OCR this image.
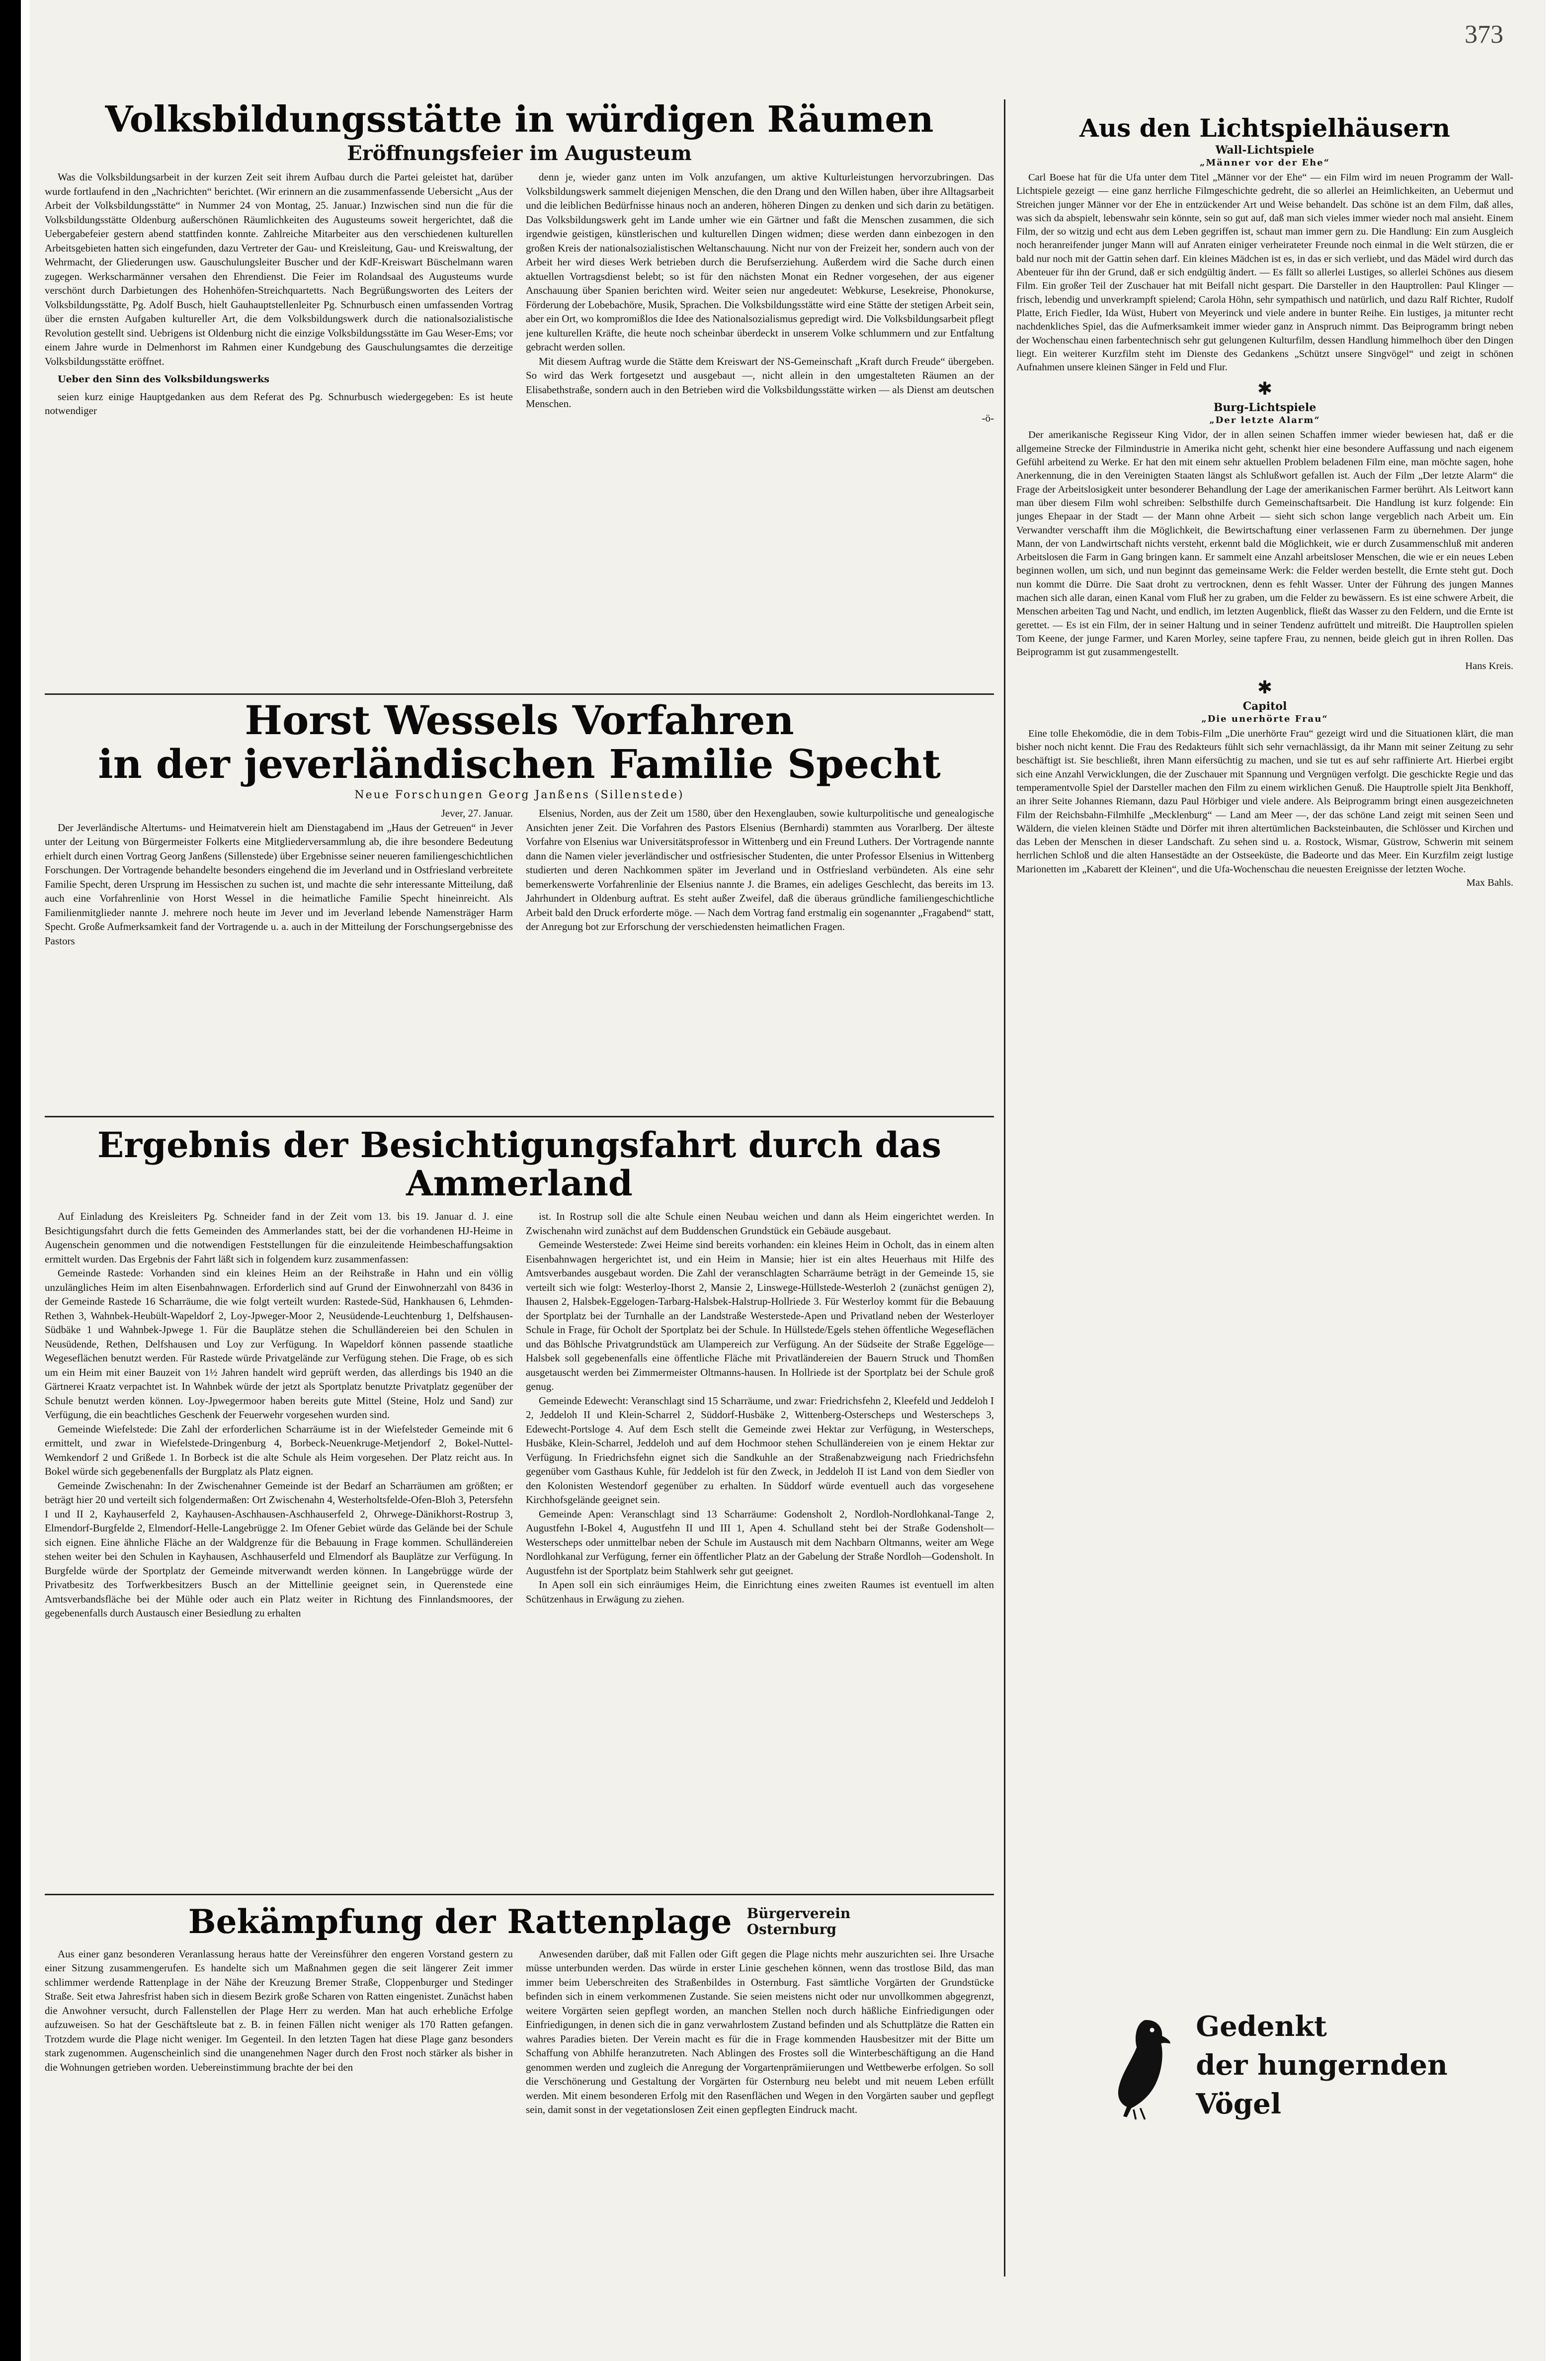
373
Volksbildungsstätte in würdigen Räumen
Eröffnungsfeier im Augusteum

Was die Volksbildungsarbeit in der kurzen Zeit seit ihrem Aufbau durch die Partei geleistet hat, darüber wurde fortlaufend in den „Nachrichten“ berichtet. (Wir erinnern an die zusammenfassende Uebersicht „Aus der Arbeit der Volksbildungsstätte“ in Nummer 24 von Montag, 25. Januar.) Inzwischen sind nun die für die Volksbildungsstätte Oldenburg außerschönen Räumlichkeiten des Augusteums soweit hergerichtet, daß die Uebergabefeier gestern abend stattfinden konnte. Zahlreiche Mitarbeiter aus den verschiedenen kulturellen Arbeitsgebieten hatten sich eingefunden, dazu Vertreter der Gau- und Kreisleitung, Gau- und Kreiswaltung, der Wehrmacht, der Gliederungen usw. Gauschulungsleiter Buscher und der KdF-Kreiswart Büschelmann waren zugegen. Werkscharmänner versahen den Ehrendienst. Die Feier im Rolandsaal des Augusteums wurde verschönt durch Darbietungen des Hohenhöfen-Streichquartetts. Nach Begrüßungsworten des Leiters der Volksbildungsstätte, Pg. Adolf Busch, hielt Gauhauptstellenleiter Pg. Schnurbusch einen umfassenden Vortrag über die ernsten Aufgaben kultureller Art, die dem Volksbildungswerk durch die nationalsozialistische Revolution gestellt sind. Uebrigens ist Oldenburg nicht die einzige Volksbildungsstätte im Gau Weser-Ems; vor einem Jahre wurde in Delmenhorst im Rahmen einer Kundgebung des Gauschulungsamtes die derzeitige Volksbildungsstätte eröffnet.

Ueber den Sinn des Volksbildungswerks

seien kurz einige Hauptgedanken aus dem Referat des Pg. Schnurbusch wiedergegeben: Es ist heute notwendiger

denn je, wieder ganz unten im Volk anzufangen, um aktive Kulturleistungen hervorzubringen. Das Volksbildungswerk sammelt diejenigen Menschen, die den Drang und den Willen haben, über ihre Alltagsarbeit und die leiblichen Bedürfnisse hinaus noch an anderen, höheren Dingen zu denken und sich darin zu betätigen. Das Volksbildungswerk geht im Lande umher wie ein Gärtner und faßt die Menschen zusammen, die sich irgendwie geistigen, künstlerischen und kulturellen Dingen widmen; diese werden dann einbezogen in den großen Kreis der nationalsozialistischen Weltanschauung. Nicht nur von der Freizeit her, sondern auch von der Arbeit her wird dieses Werk betrieben durch die Berufserziehung. Außerdem wird die Sache durch einen aktuellen Vortragsdienst belebt; so ist für den nächsten Monat ein Redner vorgesehen, der aus eigener Anschauung über Spanien berichten wird. Weiter seien nur angedeutet: Webkurse, Lesekreise, Phonokurse, Förderung der Lobebachöre, Musik, Sprachen. Die Volksbildungsstätte wird eine Stätte der stetigen Arbeit sein, aber ein Ort, wo kompromißlos die Idee des Nationalsozialismus gepredigt wird. Die Volksbildungsarbeit pflegt jene kulturellen Kräfte, die heute noch scheinbar überdeckt in unserem Volke schlummern und zur Entfaltung gebracht werden sollen.

Mit diesem Auftrag wurde die Stätte dem Kreiswart der NS-Gemeinschaft „Kraft durch Freude“ übergeben. So wird das Werk fortgesetzt und ausgebaut —, nicht allein in den umgestalteten Räumen an der Elisabethstraße, sondern auch in den Betrieben wird die Volksbildungsstätte wirken — als Dienst am deutschen Menschen.

-ö-

Horst Wessels Vorfahren
in der jeverländischen Familie Specht
Neue Forschungen Georg Janßens (Sillenstede)

Jever, 27. Januar.

Der Jeverländische Altertums- und Heimatverein hielt am Dienstagabend im „Haus der Getreuen“ in Jever unter der Leitung von Bürgermeister Folkerts eine Mitgliederversammlung ab, die ihre besondere Bedeutung erhielt durch einen Vortrag Georg Janßens (Sillenstede) über Ergebnisse seiner neueren familiengeschichtlichen Forschungen. Der Vortragende behandelte besonders eingehend die im Jeverland und in Ostfriesland verbreitete Familie Specht, deren Ursprung im Hessischen zu suchen ist, und machte die sehr interessante Mitteilung, daß auch eine Vorfahrenlinie von Horst Wessel in die heimatliche Familie Specht hineinreicht. Als Familienmitglieder nannte J. mehrere noch heute im Jever und im Jeverland lebende Namensträger Harm Specht. Große Aufmerksamkeit fand der Vortragende u. a. auch in der Mitteilung der Forschungsergebnisse des Pastors

Elsenius, Norden, aus der Zeit um 1580, über den Hexenglauben, sowie kulturpolitische und genealogische Ansichten jener Zeit. Die Vorfahren des Pastors Elsenius (Bernhardi) stammten aus Vorarlberg. Der älteste Vorfahre von Elsenius war Universitätsprofessor in Wittenberg und ein Freund Luthers. Der Vortragende nannte dann die Namen vieler jeverländischer und ostfriesischer Studenten, die unter Professor Elsenius in Wittenberg studierten und deren Nachkommen später im Jeverland und in Ostfriesland verbündeten. Als eine sehr bemerkenswerte Vorfahrenlinie der Elsenius nannte J. die Brames, ein adeliges Geschlecht, das bereits im 13. Jahrhundert in Oldenburg auftrat. Es steht außer Zweifel, daß die überaus gründliche familiengeschichtliche Arbeit bald den Druck erforderte möge. — Nach dem Vortrag fand erstmalig ein sogenannter „Fragabend“ statt, der Anregung bot zur Erforschung der verschiedensten heimatlichen Fragen.

Ergebnis der Besichtigungsfahrt durch das Ammerland

Auf Einladung des Kreisleiters Pg. Schneider fand in der Zeit vom 13. bis 19. Januar d. J. eine Besichtigungsfahrt durch die fetts Gemeinden des Ammerlandes statt, bei der die vorhandenen HJ-Heime in Augenschein genommen und die notwendigen Feststellungen für die einzuleitende Heimbeschaffungsaktion ermittelt wurden. Das Ergebnis der Fahrt läßt sich in folgendem kurz zusammenfassen:

Gemeinde Rastede: Vorhanden sind ein kleines Heim an der Reihstraße in Hahn und ein völlig unzulängliches Heim im alten Eisenbahnwagen. Erforderlich sind auf Grund der Einwohnerzahl von 8436 in der Gemeinde Rastede 16 Scharräume, die wie folgt verteilt wurden: Rastede-Süd, Hankhausen 6, Lehmden-Rethen 3, Wahnbek-Heubült-Wapeldorf 2, Loy-Jpweger-Moor 2, Neusüdende-Leuchtenburg 1, Delfshausen-Südbäke 1 und Wahnbek-Jpwege 1. Für die Bauplätze stehen die Schulländereien bei den Schulen in Neusüdende, Rethen, Delfshausen und Loy zur Verfügung. In Wapeldorf können passende staatliche Wegeseflächen benutzt werden. Für Rastede würde Privatgelände zur Verfügung stehen. Die Frage, ob es sich um ein Heim mit einer Bauzeit von 1½ Jahren handelt wird geprüft werden, das allerdings bis 1940 an die Gärtnerei Kraatz verpachtet ist. In Wahnbek würde der jetzt als Sportplatz benutzte Privatplatz gegenüber der Schule benutzt werden können. Loy-Jpwegermoor haben bereits gute Mittel (Steine, Holz und Sand) zur Verfügung, die ein beachtliches Geschenk der Feuerwehr vorgesehen wurden sind.

Gemeinde Wiefelstede: Die Zahl der erforderlichen Scharräume ist in der Wiefelsteder Gemeinde mit 6 ermittelt, und zwar in Wiefelstede-Dringenburg 4, Borbeck-Neuenkruge-Metjendorf 2, Bokel-Nuttel-Wemkendorf 2 und Grißede 1. In Borbeck ist die alte Schule als Heim vorgesehen. Der Platz reicht aus. In Bokel würde sich gegebenenfalls der Burgplatz als Platz eignen.

Gemeinde Zwischenahn: In der Zwischenahner Gemeinde ist der Bedarf an Scharräumen am größten; er beträgt hier 20 und verteilt sich folgendermaßen: Ort Zwischenahn 4, Westerholtsfelde-Ofen-Bloh 3, Petersfehn I und II 2, Kayhauserfeld 2, Kayhausen-Aschhausen-Aschhauserfeld 2, Ohrwege-Dänikhorst-Rostrup 3, Elmendorf-Burgfelde 2, Elmendorf-Helle-Langebrügge 2. Im Ofener Gebiet würde das Gelände bei der Schule sich eignen. Eine ähnliche Fläche an der Waldgrenze für die Bebauung in Frage kommen. Schulländereien stehen weiter bei den Schulen in Kayhausen, Aschhauserfeld und Elmendorf als Bauplätze zur Verfügung. In Burgfelde würde der Sportplatz der Gemeinde mitverwandt werden können. In Langebrügge würde der Privatbesitz des Torfwerkbesitzers Busch an der Mittellinie geeignet sein, in Querenstede eine Amtsverbandsfläche bei der Mühle oder auch ein Platz weiter in Richtung des Finnlandsmoores, der gegebenenfalls durch Austausch einer Besiedlung zu erhalten

ist. In Rostrup soll die alte Schule einen Neubau weichen und dann als Heim eingerichtet werden. In Zwischenahn wird zunächst auf dem Buddenschen Grundstück ein Gebäude ausgebaut.

Gemeinde Westerstede: Zwei Heime sind bereits vorhanden: ein kleines Heim in Ocholt, das in einem alten Eisenbahnwagen hergerichtet ist, und ein Heim in Mansie; hier ist ein altes Heuerhaus mit Hilfe des Amtsverbandes ausgebaut worden. Die Zahl der veranschlagten Scharräume beträgt in der Gemeinde 15, sie verteilt sich wie folgt: Westerloy-Ihorst 2, Mansie 2, Linswege-Hüllstede-Westerloh 2 (zunächst genügen 2), Ihausen 2, Halsbek-Eggelogen-Tarbarg-Halsbek-Halstrup-Hollriede 3. Für Westerloy kommt für die Bebauung der Sportplatz bei der Turnhalle an der Landstraße Westerstede-Apen und Privatland neben der Westerloyer Schule in Frage, für Ocholt der Sportplatz bei der Schule. In Hüllstede/Egels stehen öffentliche Wegeseflächen und das Böhlsche Privatgrundstück am Ulampereich zur Verfügung. An der Südseite der Straße Eggelöge—Halsbek soll gegebenenfalls eine öffentliche Fläche mit Privatländereien der Bauern Struck und Thomßen ausgetauscht werden bei Zimmermeister Oltmanns-hausen. In Hollriede ist der Sportplatz bei der Schule groß genug.

Gemeinde Edewecht: Veranschlagt sind 15 Scharräume, und zwar: Friedrichsfehn 2, Kleefeld und Jeddeloh I 2, Jeddeloh II und Klein-Scharrel 2, Süddorf-Husbäke 2, Wittenberg-Osterscheps und Westerscheps 3, Edewecht-Portsloge 4. Auf dem Esch stellt die Gemeinde zwei Hektar zur Verfügung, in Westerscheps, Husbäke, Klein-Scharrel, Jeddeloh und auf dem Hochmoor stehen Schulländereien von je einem Hektar zur Verfügung. In Friedrichsfehn eignet sich die Sandkuhle an der Straßenabzweigung nach Friedrichsfehn gegenüber vom Gasthaus Kuhle, für Jeddeloh ist für den Zweck, in Jeddeloh II ist Land von dem Siedler von den Kolonisten Westendorf gegenüber zu erhalten. In Süddorf würde eventuell auch das vorgesehene Kirchhofsgelände geeignet sein.

Gemeinde Apen: Veranschlagt sind 13 Scharräume: Godensholt 2, Nordloh-Nordlohkanal-Tange 2, Augustfehn I-Bokel 4, Augustfehn II und III 1, Apen 4. Schulland steht bei der Straße Godensholt—Westerscheps oder unmittelbar neben der Schule im Austausch mit dem Nachbarn Oltmanns, weiter am Wege Nordlohkanal zur Verfügung, ferner ein öffentlicher Platz an der Gabelung der Straße Nordloh—Godensholt. In Augustfehn ist der Sportplatz beim Stahlwerk sehr gut geeignet.

In Apen soll ein sich einräumiges Heim, die Einrichtung eines zweiten Raumes ist eventuell im alten Schützenhaus in Erwägung zu ziehen.

Bekämpfung der Rattenplage Bürgerverein
Osternburg

Aus einer ganz besonderen Veranlassung heraus hatte der Vereinsführer den engeren Vorstand gestern zu einer Sitzung zusammengerufen. Es handelte sich um Maßnahmen gegen die seit längerer Zeit immer schlimmer werdende Rattenplage in der Nähe der Kreuzung Bremer Straße, Cloppenburger und Stedinger Straße. Seit etwa Jahresfrist haben sich in diesem Bezirk große Scharen von Ratten eingenistet. Zunächst haben die Anwohner versucht, durch Fallenstellen der Plage Herr zu werden. Man hat auch erhebliche Erfolge aufzuweisen. So hat der Geschäftsleute bat z. B. in feinen Fällen nicht weniger als 170 Ratten gefangen. Trotzdem wurde die Plage nicht weniger. Im Gegenteil. In den letzten Tagen hat diese Plage ganz besonders stark zugenommen. Augenscheinlich sind die unangenehmen Nager durch den Frost noch stärker als bisher in die Wohnungen getrieben worden. Uebereinstimmung brachte der bei den

Anwesenden darüber, daß mit Fallen oder Gift gegen die Plage nichts mehr auszurichten sei. Ihre Ursache müsse unterbunden werden. Das würde in erster Linie geschehen können, wenn das trostlose Bild, das man immer beim Ueberschreiten des Straßenbildes in Osternburg. Fast sämtliche Vorgärten der Grundstücke befinden sich in einem verkommenen Zustande. Sie seien meistens nicht oder nur unvollkommen abgegrenzt, weitere Vorgärten seien gepflegt worden, an manchen Stellen noch durch häßliche Einfriedigungen oder Einfriedigungen, in denen sich die in ganz verwahrlostem Zustand befinden und als Schuttplätze die Ratten ein wahres Paradies bieten. Der Verein macht es für die in Frage kommenden Hausbesitzer mit der Bitte um Schaffung von Abhilfe heranzutreten. Nach Ablingen des Frostes soll die Winterbeschäftigung an die Hand genommen werden und zugleich die Anregung der Vorgartenprämiierungen und Wettbewerbe erfolgen. So soll die Verschönerung und Gestaltung der Vorgärten für Osternburg neu belebt und mit neuem Leben erfüllt werden. Mit einem besonderen Erfolg mit den Rasenflächen und Wegen in den Vorgärten sauber und gepflegt sein, damit sonst in der vegetationslosen Zeit einen gepflegten Eindruck macht.

Aus den Lichtspielhäusern
Wall-Lichtspiele
„Männer vor der Ehe“

Carl Boese hat für die Ufa unter dem Titel „Männer vor der Ehe“ — ein Film wird im neuen Programm der Wall-Lichtspiele gezeigt — eine ganz herrliche Filmgeschichte gedreht, die so allerlei an Heimlichkeiten, an Uebermut und Streichen junger Männer vor der Ehe in entzückender Art und Weise behandelt. Das schöne ist an dem Film, daß alles, was sich da abspielt, lebenswahr sein könnte, sein so gut auf, daß man sich vieles immer wieder noch mal ansieht. Einem Film, der so witzig und echt aus dem Leben gegriffen ist, schaut man immer gern zu. Die Handlung: Ein zum Ausgleich noch heranreifender junger Mann will auf Anraten einiger verheirateter Freunde noch einmal in die Welt stürzen, die er bald nur noch mit der Gattin sehen darf. Ein kleines Mädchen ist es, in das er sich verliebt, und das Mädel wird durch das Abenteuer für ihn der Grund, daß er sich endgültig ändert. — Es fällt so allerlei Lustiges, so allerlei Schönes aus diesem Film. Ein großer Teil der Zuschauer hat mit Beifall nicht gespart. Die Darsteller in den Hauptrollen: Paul Klinger — frisch, lebendig und unverkrampft spielend; Carola Höhn, sehr sympathisch und natürlich, und dazu Ralf Richter, Rudolf Platte, Erich Fiedler, Ida Wüst, Hubert von Meyerinck und viele andere in bunter Reihe. Ein lustiges, ja mitunter recht nachdenkliches Spiel, das die Aufmerksamkeit immer wieder ganz in Anspruch nimmt. Das Beiprogramm bringt neben der Wochenschau einen farbentechnisch sehr gut gelungenen Kulturfilm, dessen Handlung himmelhoch über den Dingen liegt. Ein weiterer Kurzfilm steht im Dienste des Gedankens „Schützt unsere Singvögel“ und zeigt in schönen Aufnahmen unsere kleinen Sänger in Feld und Flur.

✱
Burg-Lichtspiele
„Der letzte Alarm“

Der amerikanische Regisseur King Vidor, der in allen seinen Schaffen immer wieder bewiesen hat, daß er die allgemeine Strecke der Filmindustrie in Amerika nicht geht, schenkt hier eine besondere Auffassung und nach eigenem Gefühl arbeitend zu Werke. Er hat den mit einem sehr aktuellen Problem beladenen Film eine, man möchte sagen, hohe Anerkennung, die in den Vereinigten Staaten längst als Schlußwort gefallen ist. Auch der Film „Der letzte Alarm“ die Frage der Arbeitslosigkeit unter besonderer Behandlung der Lage der amerikanischen Farmer berührt. Als Leitwort kann man über diesem Film wohl schreiben: Selbsthilfe durch Gemeinschaftsarbeit. Die Handlung ist kurz folgende: Ein junges Ehepaar in der Stadt — der Mann ohne Arbeit — sieht sich schon lange vergeblich nach Arbeit um. Ein Verwandter verschafft ihm die Möglichkeit, die Bewirtschaftung einer verlassenen Farm zu übernehmen. Der junge Mann, der von Landwirtschaft nichts versteht, erkennt bald die Möglichkeit, wie er durch Zusammenschluß mit anderen Arbeitslosen die Farm in Gang bringen kann. Er sammelt eine Anzahl arbeitsloser Menschen, die wie er ein neues Leben beginnen wollen, um sich, und nun beginnt das gemeinsame Werk: die Felder werden bestellt, die Ernte steht gut. Doch nun kommt die Dürre. Die Saat droht zu vertrocknen, denn es fehlt Wasser. Unter der Führung des jungen Mannes machen sich alle daran, einen Kanal vom Fluß her zu graben, um die Felder zu bewässern. Es ist eine schwere Arbeit, die Menschen arbeiten Tag und Nacht, und endlich, im letzten Augenblick, fließt das Wasser zu den Feldern, und die Ernte ist gerettet. — Es ist ein Film, der in seiner Haltung und in seiner Tendenz aufrüttelt und mitreißt. Die Hauptrollen spielen Tom Keene, der junge Farmer, und Karen Morley, seine tapfere Frau, zu nennen, beide gleich gut in ihren Rollen. Das Beiprogramm ist gut zusammengestellt.

Hans Kreis.

✱
Capitol
„Die unerhörte Frau“

Eine tolle Ehekomödie, die in dem Tobis-Film „Die unerhörte Frau“ gezeigt wird und die Situationen klärt, die man bisher noch nicht kennt. Die Frau des Redakteurs fühlt sich sehr vernachlässigt, da ihr Mann mit seiner Zeitung zu sehr beschäftigt ist. Sie beschließt, ihren Mann eifersüchtig zu machen, und sie tut es auf sehr raffinierte Art. Hierbei ergibt sich eine Anzahl Verwicklungen, die der Zuschauer mit Spannung und Vergnügen verfolgt. Die geschickte Regie und das temperamentvolle Spiel der Darsteller machen den Film zu einem wirklichen Genuß. Die Hauptrolle spielt Jita Benkhoff, an ihrer Seite Johannes Riemann, dazu Paul Hörbiger und viele andere. Als Beiprogramm bringt einen ausgezeichneten Film der Reichsbahn-Filmhilfe „Mecklenburg“ — Land am Meer —, der das schöne Land zeigt mit seinen Seen und Wäldern, die vielen kleinen Städte und Dörfer mit ihren altertümlichen Backsteinbauten, die Schlösser und Kirchen und das Leben der Menschen in dieser Landschaft. Zu sehen sind u. a. Rostock, Wismar, Güstrow, Schwerin mit seinem herrlichen Schloß und die alten Hansestädte an der Ostseeküste, die Badeorte und das Meer. Ein Kurzfilm zeigt lustige Marionetten im „Kabarett der Kleinen“, und die Ufa-Wochenschau die neuesten Ereignisse der letzten Woche.

Max Bahls.

Gedenkt
der hungernden Vögel
